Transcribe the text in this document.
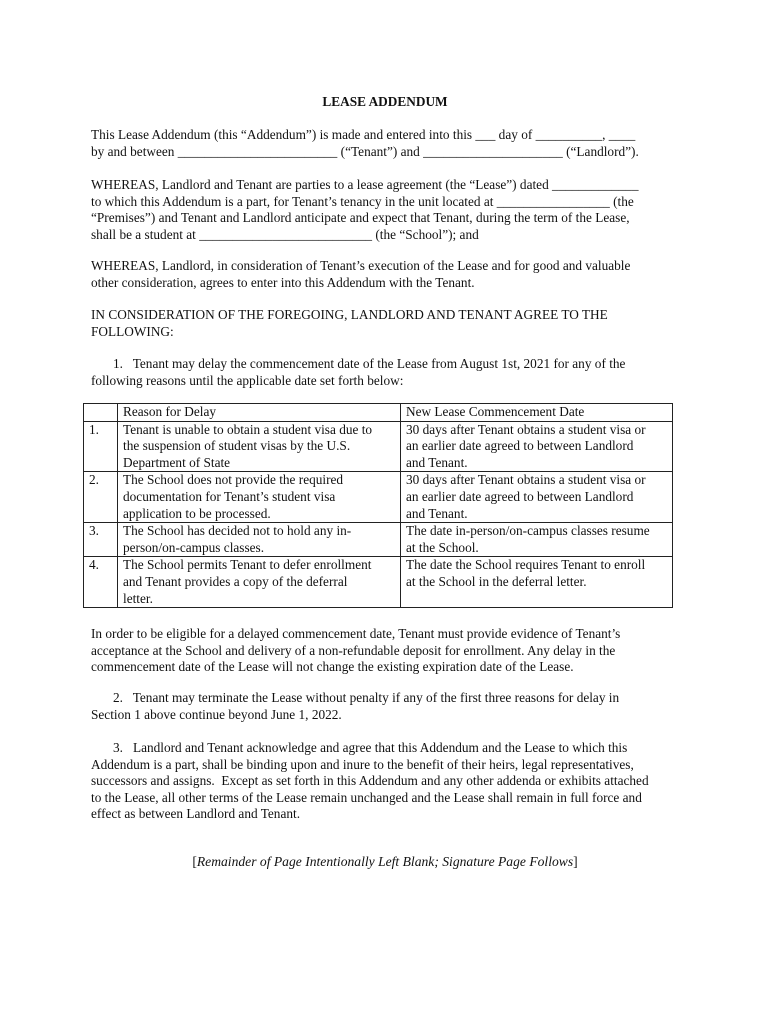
LEASE ADDENDUM

This Lease Addendum (this “Addendum”) is made and entered into this ___ day of __________, ____
by and between ________________________ (“Tenant”) and _____________________ (“Landlord”).

WHEREAS, Landlord and Tenant are parties to a lease agreement (the “Lease”) dated _____________
to which this Addendum is a part, for Tenant’s tenancy in the unit located at _________________ (the
“Premises”) and Tenant and Landlord anticipate and expect that Tenant, during the term of the Lease,
shall be a student at __________________________ (the “School”); and

WHEREAS, Landlord, in consideration of Tenant’s execution of the Lease and for good and valuable
other consideration, agrees to enter into this Addendum with the Tenant.

IN CONSIDERATION OF THE FOREGOING, LANDLORD AND TENANT AGREE TO THE
FOLLOWING:

1.   Tenant may delay the commencement date of the Lease from August 1st, 2021 for any of the
following reasons until the applicable date set forth below:

	Reason for Delay	New Lease Commencement Date

1.	Tenant is unable to obtain a student visa due to
the suspension of student visas by the U.S.
Department of State	30 days after Tenant obtains a student visa or
an earlier date agreed to between Landlord
and Tenant.

2.	The School does not provide the required
documentation for Tenant’s student visa
application to be processed.	30 days after Tenant obtains a student visa or
an earlier date agreed to between Landlord
and Tenant.

3.	The School has decided not to hold any in-
person/on-campus classes.	The date in-person/on-campus classes resume
at the School.

4.	The School permits Tenant to defer enrollment
and Tenant provides a copy of the deferral
letter.	The date the School requires Tenant to enroll
at the School in the deferral letter.

In order to be eligible for a delayed commencement date, Tenant must provide evidence of Tenant’s
acceptance at the School and delivery of a non-refundable deposit for enrollment. Any delay in the
commencement date of the Lease will not change the existing expiration date of the Lease.

2.   Tenant may terminate the Lease without penalty if any of the first three reasons for delay in
Section 1 above continue beyond June 1, 2022.

3.   Landlord and Tenant acknowledge and agree that this Addendum and the Lease to which this
Addendum is a part, shall be binding upon and inure to the benefit of their heirs, legal representatives,
successors and assigns.  Except as set forth in this Addendum and any other addenda or exhibits attached
to the Lease, all other terms of the Lease remain unchanged and the Lease shall remain in full force and
effect as between Landlord and Tenant.

[Remainder of Page Intentionally Left Blank; Signature Page Follows]
